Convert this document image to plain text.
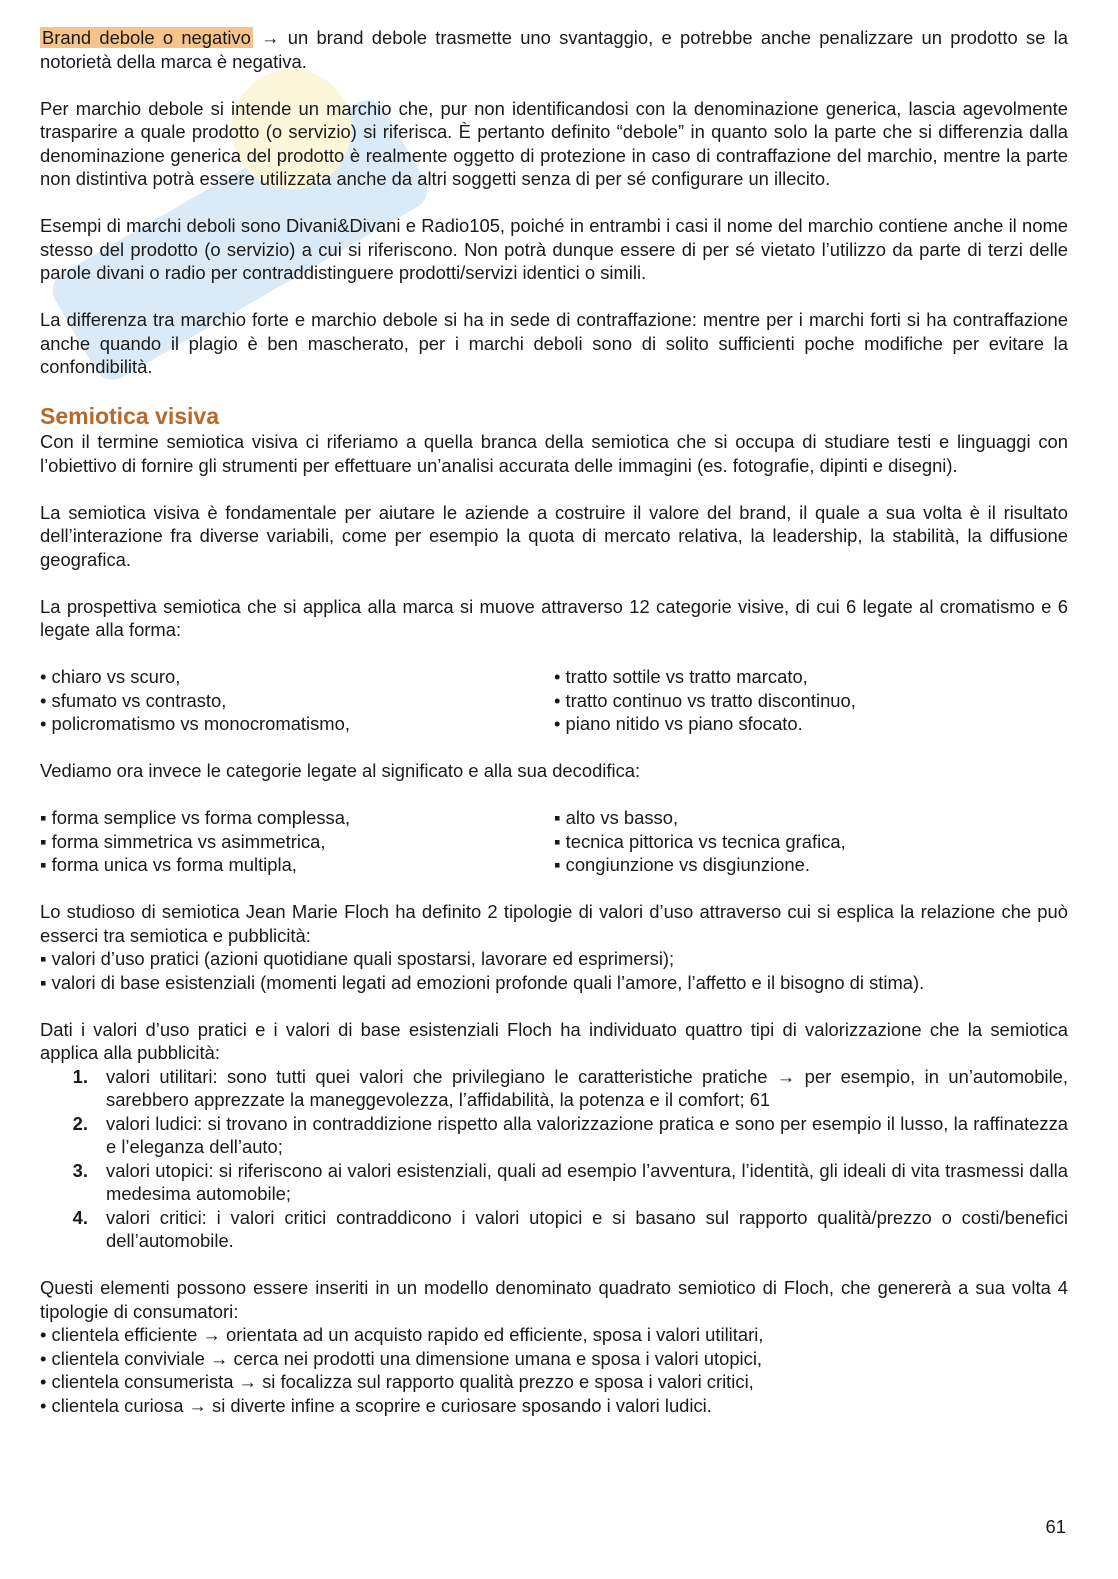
Brand debole o negativo → un brand debole trasmette uno svantaggio, e potrebbe anche penalizzare un prodotto se la notorietà della marca è negativa.

Per marchio debole si intende un marchio che, pur non identificandosi con la denominazione generica, lascia agevolmente trasparire a quale prodotto (o servizio) si riferisca. È pertanto definito “debole” in quanto solo la parte che si differenzia dalla denominazione generica del prodotto è realmente oggetto di protezione in caso di contraffazione del marchio, mentre la parte non distintiva potrà essere utilizzata anche da altri soggetti senza di per sé configurare un illecito.

Esempi di marchi deboli sono Divani&Divani e Radio105, poiché in entrambi i casi il nome del marchio contiene anche il nome stesso del prodotto (o servizio) a cui si riferiscono. Non potrà dunque essere di per sé vietato l’utilizzo da parte di terzi delle parole divani o radio per contraddistinguere prodotti/servizi identici o simili.

La differenza tra marchio forte e marchio debole si ha in sede di contraffazione: mentre per i marchi forti si ha contraffazione anche quando il plagio è ben mascherato, per i marchi deboli sono di solito sufficienti poche modifiche per evitare la confondibilità.

Semiotica visiva

Con il termine semiotica visiva ci riferiamo a quella branca della semiotica che si occupa di studiare testi e linguaggi con l’obiettivo di fornire gli strumenti per effettuare un’analisi accurata delle immagini (es. fotografie, dipinti e disegni).

La semiotica visiva è fondamentale per aiutare le aziende a costruire il valore del brand, il quale a sua volta è il risultato dell’interazione fra diverse variabili, come per esempio la quota di mercato relativa, la leadership, la stabilità, la diffusione geografica.

La prospettiva semiotica che si applica alla marca si muove attraverso 12 categorie visive, di cui 6 legate al cromatismo e 6 legate alla forma:

• chiaro vs scuro,
• sfumato vs contrasto,
• policromatismo vs monocromatismo,
• tratto sottile vs tratto marcato,
• tratto continuo vs tratto discontinuo,
• piano nitido vs piano sfocato.

Vediamo ora invece le categorie legate al significato e alla sua decodifica:

▪ forma semplice vs forma complessa,
▪ forma simmetrica vs asimmetrica,
▪ forma unica vs forma multipla,
▪ alto vs basso,
▪ tecnica pittorica vs tecnica grafica,
▪ congiunzione vs disgiunzione.

Lo studioso di semiotica Jean Marie Floch ha definito 2 tipologie di valori d’uso attraverso cui si esplica la relazione che può esserci tra semiotica e pubblicità:

▪ valori d’uso pratici (azioni quotidiane quali spostarsi, lavorare ed esprimersi);

▪ valori di base esistenziali (momenti legati ad emozioni profonde quali l’amore, l’affetto e il bisogno di stima).

Dati i valori d’uso pratici e i valori di base esistenziali Floch ha individuato quattro tipi di valorizzazione che la semiotica applica alla pubblicità:

1. valori utilitari: sono tutti quei valori che privilegiano le caratteristiche pratiche → per esempio, in un’automobile, sarebbero apprezzate la maneggevolezza, l’affidabilità, la potenza e il comfort; 61
2. valori ludici: si trovano in contraddizione rispetto alla valorizzazione pratica e sono per esempio il lusso, la raffinatezza e l’eleganza dell’auto;
3. valori utopici: si riferiscono ai valori esistenziali, quali ad esempio l’avventura, l’identità, gli ideali di vita trasmessi dalla medesima automobile;
4. valori critici: i valori critici contraddicono i valori utopici e si basano sul rapporto qualità/prezzo o costi/benefici dell’automobile.

Questi elementi possono essere inseriti in un modello denominato quadrato semiotico di Floch, che genererà a sua volta 4 tipologie di consumatori:

• clientela efficiente → orientata ad un acquisto rapido ed efficiente, sposa i valori utilitari,
• clientela conviviale → cerca nei prodotti una dimensione umana e sposa i valori utopici,
• clientela consumerista → si focalizza sul rapporto qualità prezzo e sposa i valori critici,
• clientela curiosa → si diverte infine a scoprire e curiosare sposando i valori ludici.
61
